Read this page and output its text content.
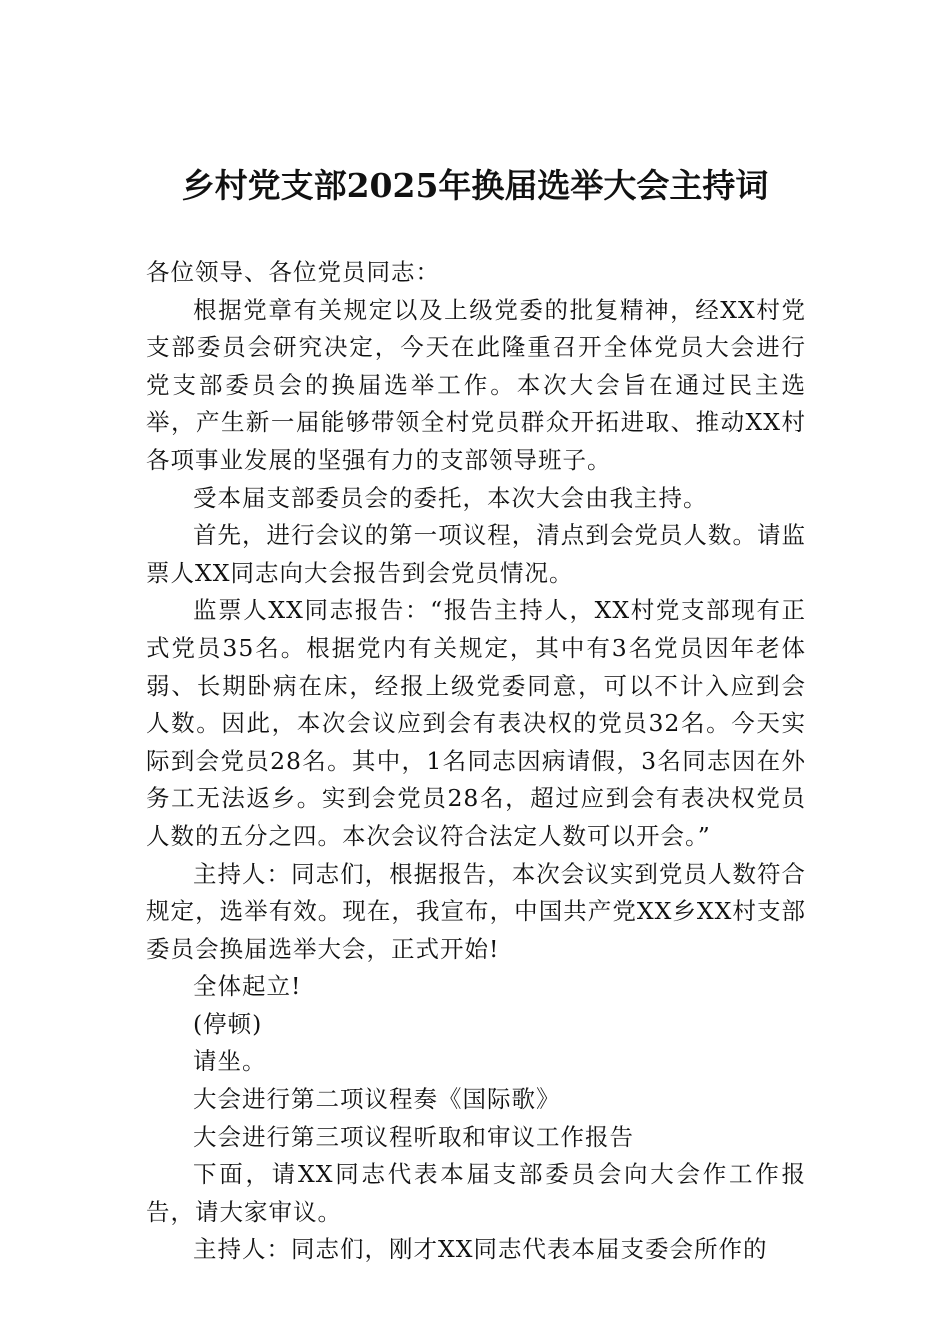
乡村党支部2025年换届选举大会主持词

各位领导、各位党员同志：

根据党章有关规定以及上级党委的批复精神，经XX村党支部委员会研究决定，今天在此隆重召开全体党员大会进行党支部委员会的换届选举工作。本次大会旨在通过民主选举，产生新一届能够带领全村党员群众开拓进取、推动XX村各项事业发展的坚强有力的支部领导班子。

受本届支部委员会的委托，本次大会由我主持。

首先，进行会议的第一项议程，清点到会党员人数。请监票人XX同志向大会报告到会党员情况。

监票人XX同志报告：“报告主持人，XX村党支部现有正式党员35名。根据党内有关规定，其中有3名党员因年老体弱、长期卧病在床，经报上级党委同意，可以不计入应到会人数。因此，本次会议应到会有表决权的党员32名。今天实际到会党员28名。其中，1名同志因病请假，3名同志因在外务工无法返乡。实到会党员28名，超过应到会有表决权党员人数的五分之四。本次会议符合法定人数可以开会。”

主持人：同志们，根据报告，本次会议实到党员人数符合规定，选举有效。现在，我宣布，中国共产党XX乡XX村支部委员会换届选举大会，正式开始!

全体起立!

(停顿)

请坐。

大会进行第二项议程奏《国际歌》

大会进行第三项议程听取和审议工作报告

下面，请XX同志代表本届支部委员会向大会作工作报告，请大家审议。

主持人：同志们，刚才XX同志代表本届支委会所作的
